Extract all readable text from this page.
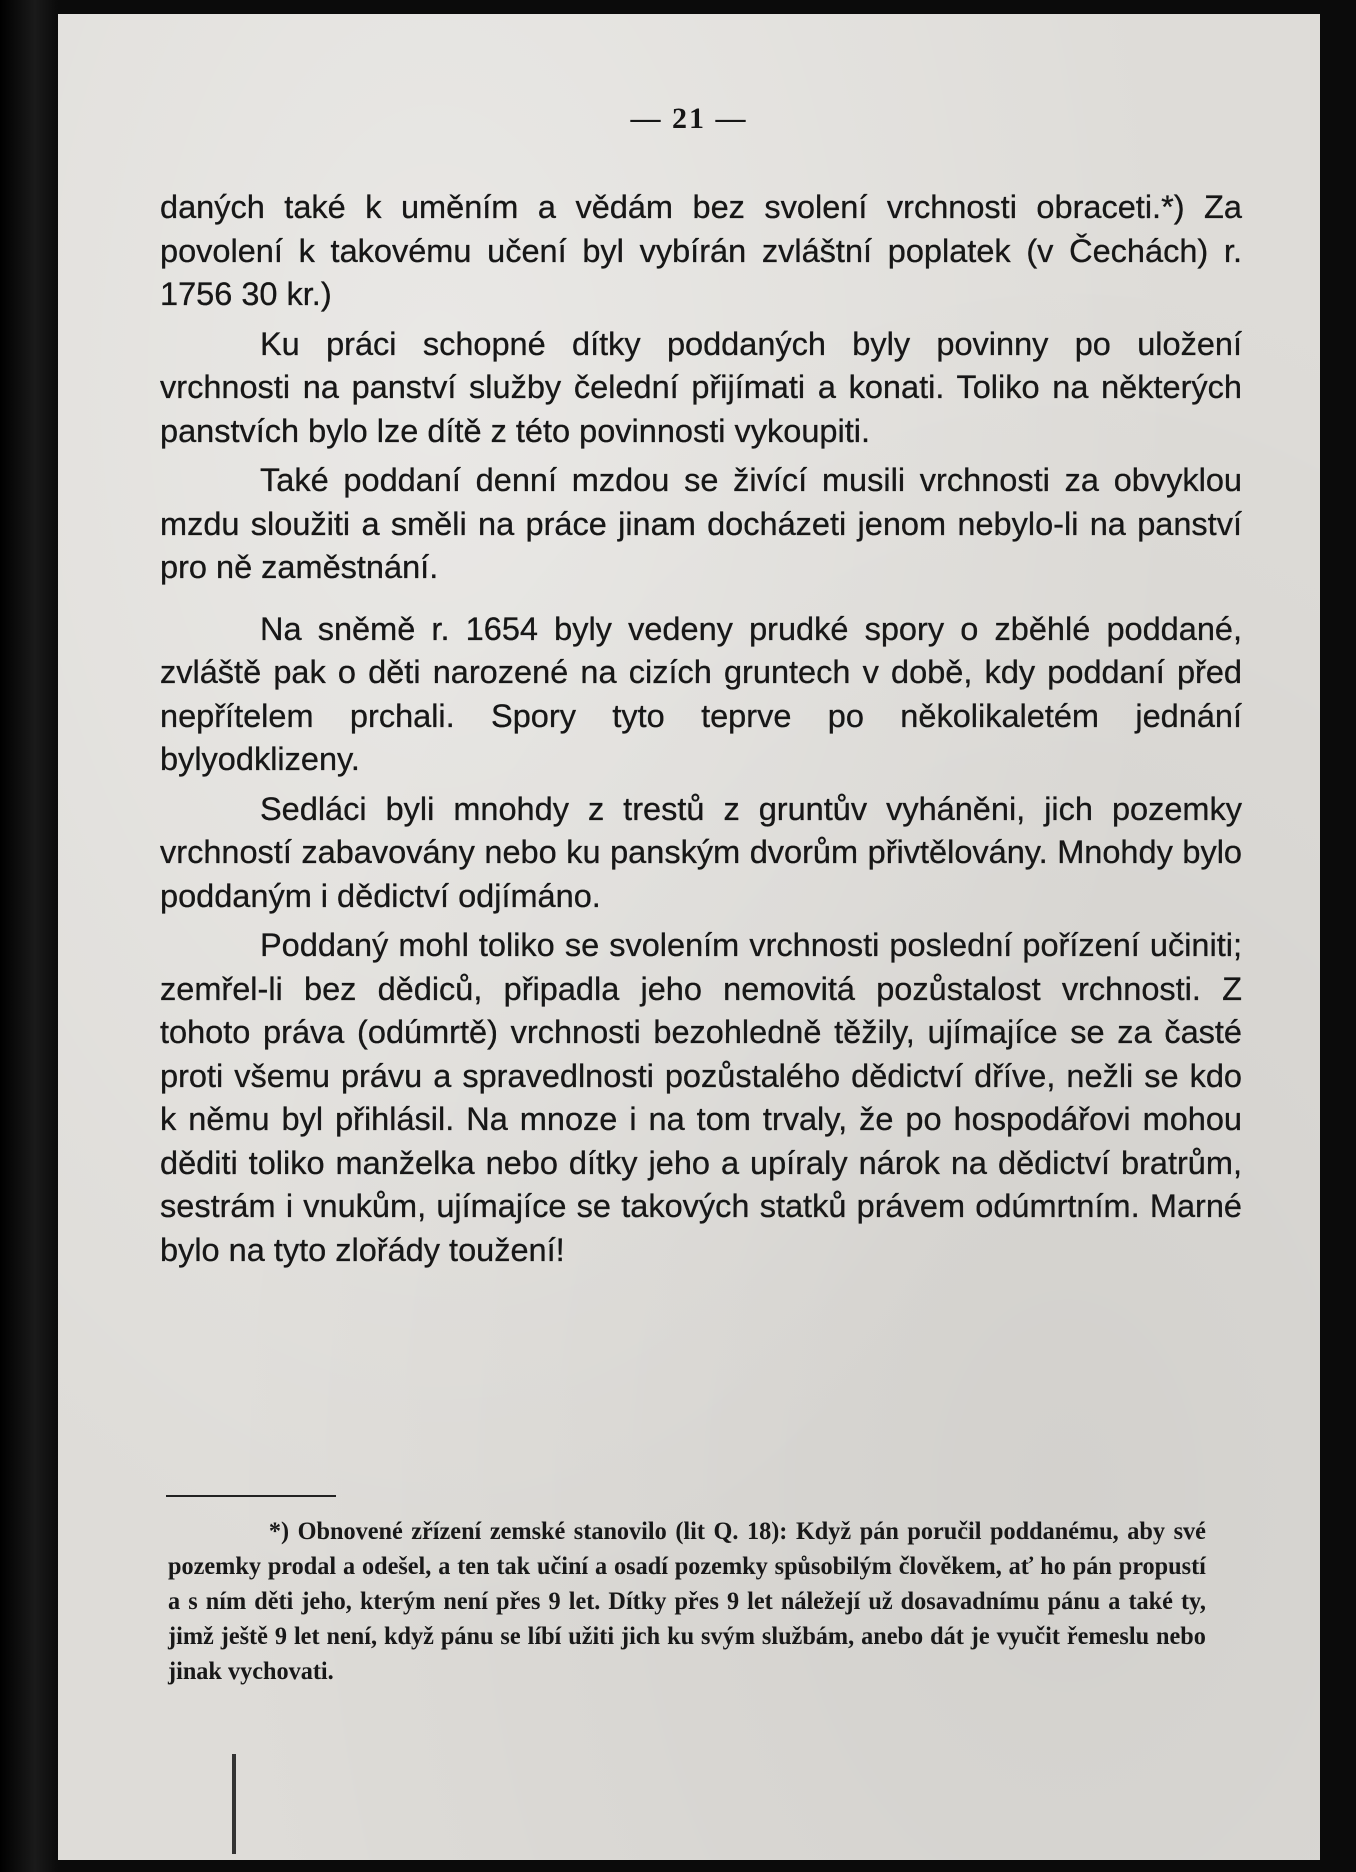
— 21 —

daných také k uměním a vědám bez svolení vrchnosti obraceti.*) Za povolení k takovému učení byl vybírán zvláštní poplatek (v Čechách) r. 1756 30 kr.)

Ku práci schopné dítky poddaných byly povinny po uložení vrchnosti na panství služby čelední přijímati a konati. Toliko na některých panstvích bylo lze dítě z této povinnosti vykoupiti.

Také poddaní denní mzdou se živící musili vrchnosti za obvyklou mzdu sloužiti a směli na práce jinam docházeti jenom nebylo-li na panství pro ně zaměstnání.

Na sněmě r. 1654 byly vedeny prudké spory o zběhlé poddané, zvláště pak o děti narozené na cizích gruntech v době, kdy poddaní před nepřítelem prchali. Spory tyto teprve po několikaletém jednání bylyodklizeny.

Sedláci byli mnohdy z trestů z gruntův vyháněni, jich pozemky vrchností zabavovány nebo ku panským dvorům přivtělovány. Mnohdy bylo poddaným i dědictví odjímáno.

Poddaný mohl toliko se svolením vrchnosti poslední pořízení učiniti; zemřel-li bez dědiců, připadla jeho nemovitá pozůstalost vrchnosti. Z tohoto práva (odúmrtě) vrchnosti bezohledně těžily, ujímajíce se za časté proti všemu právu a spravedlnosti pozůstalého dědictví dříve, nežli se kdo k němu byl přihlásil. Na mnoze i na tom trvaly, že po hospodářovi mohou děditi toliko manželka nebo dítky jeho a upíraly nárok na dědictví bratrům, sestrám i vnukům, ujímajíce se takových statků právem odúmrtním. Marné bylo na tyto zlořády toužení!

*) Obnovené zřízení zemské stanovilo (lit Q. 18): Když pán poručil poddanému, aby své pozemky prodal a odešel, a ten tak učiní a osadí pozemky spůsobilým člověkem, ať ho pán propustí a s ním děti jeho, kterým není přes 9 let. Dítky přes 9 let náležejí už dosavadnímu pánu a také ty, jimž ještě 9 let není, když pánu se líbí užiti jich ku svým službám, anebo dát je vyučit řemeslu nebo jinak vychovati.
